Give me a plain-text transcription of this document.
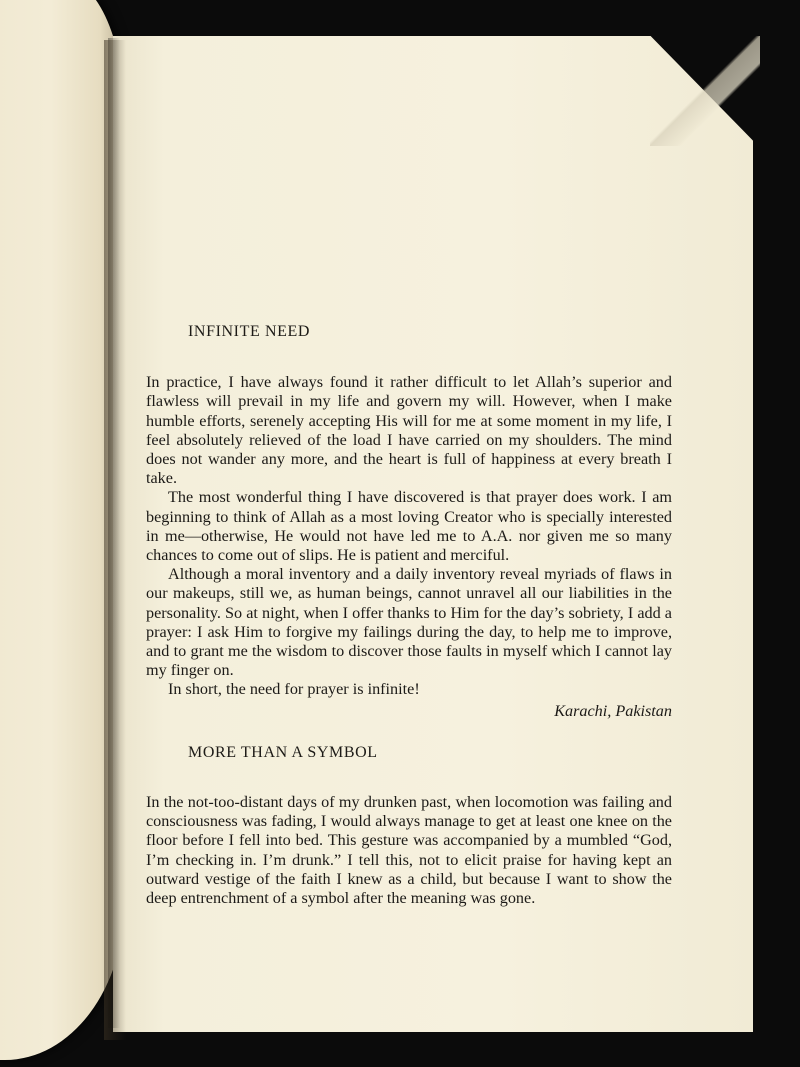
INFINITE NEED

In practice, I have always found it rather difficult to let Allah’s superior and flawless will prevail in my life and govern my will. However, when I make humble efforts, serenely accepting His will for me at some moment in my life, I feel absolutely relieved of the load I have carried on my shoulders. The mind does not wander any more, and the heart is full of happiness at every breath I take.

The most wonderful thing I have discovered is that prayer does work. I am beginning to think of Allah as a most loving Creator who is specially interested in me—otherwise, He would not have led me to A.A. nor given me so many chances to come out of slips. He is patient and merciful.

Although a moral inventory and a daily inventory reveal myriads of flaws in our makeups, still we, as human beings, cannot unravel all our liabilities in the personality. So at night, when I offer thanks to Him for the day’s sobriety, I add a prayer: I ask Him to forgive my failings during the day, to help me to improve, and to grant me the wisdom to discover those faults in myself which I cannot lay my finger on.

In short, the need for prayer is infinite!

Karachi, Pakistan
MORE THAN A SYMBOL

In the not-too-distant days of my drunken past, when locomotion was failing and consciousness was fading, I would always manage to get at least one knee on the floor before I fell into bed. This gesture was accompanied by a mumbled “God, I’m checking in. I’m drunk.” I tell this, not to elicit praise for having kept an outward vestige of the faith I knew as a child, but because I want to show the deep entrenchment of a symbol after the meaning was gone.
